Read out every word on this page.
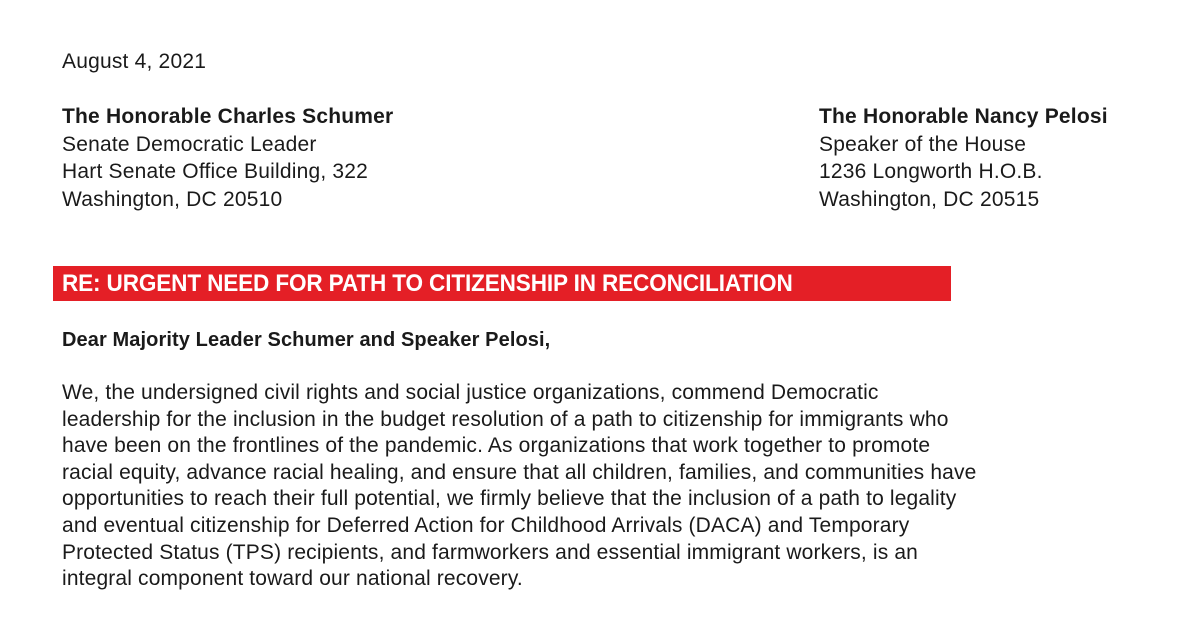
August 4, 2021
The Honorable Charles Schumer
Senate Democratic Leader
Hart Senate Office Building, 322
Washington, DC 20510
The Honorable Nancy Pelosi
Speaker of the House
1236 Longworth H.O.B.
Washington, DC 20515
RE: URGENT NEED FOR PATH TO CITIZENSHIP IN RECONCILIATION
Dear Majority Leader Schumer and Speaker Pelosi,
We, the undersigned civil rights and social justice organizations, commend Democratic
leadership for the inclusion in the budget resolution of a path to citizenship for immigrants who
have been on the frontlines of the pandemic. As organizations that work together to promote
racial equity, advance racial healing, and ensure that all children, families, and communities have
opportunities to reach their full potential, we firmly believe that the inclusion of a path to legality
and eventual citizenship for Deferred Action for Childhood Arrivals (DACA) and Temporary
Protected Status (TPS) recipients, and farmworkers and essential immigrant workers, is an
integral component toward our national recovery.
